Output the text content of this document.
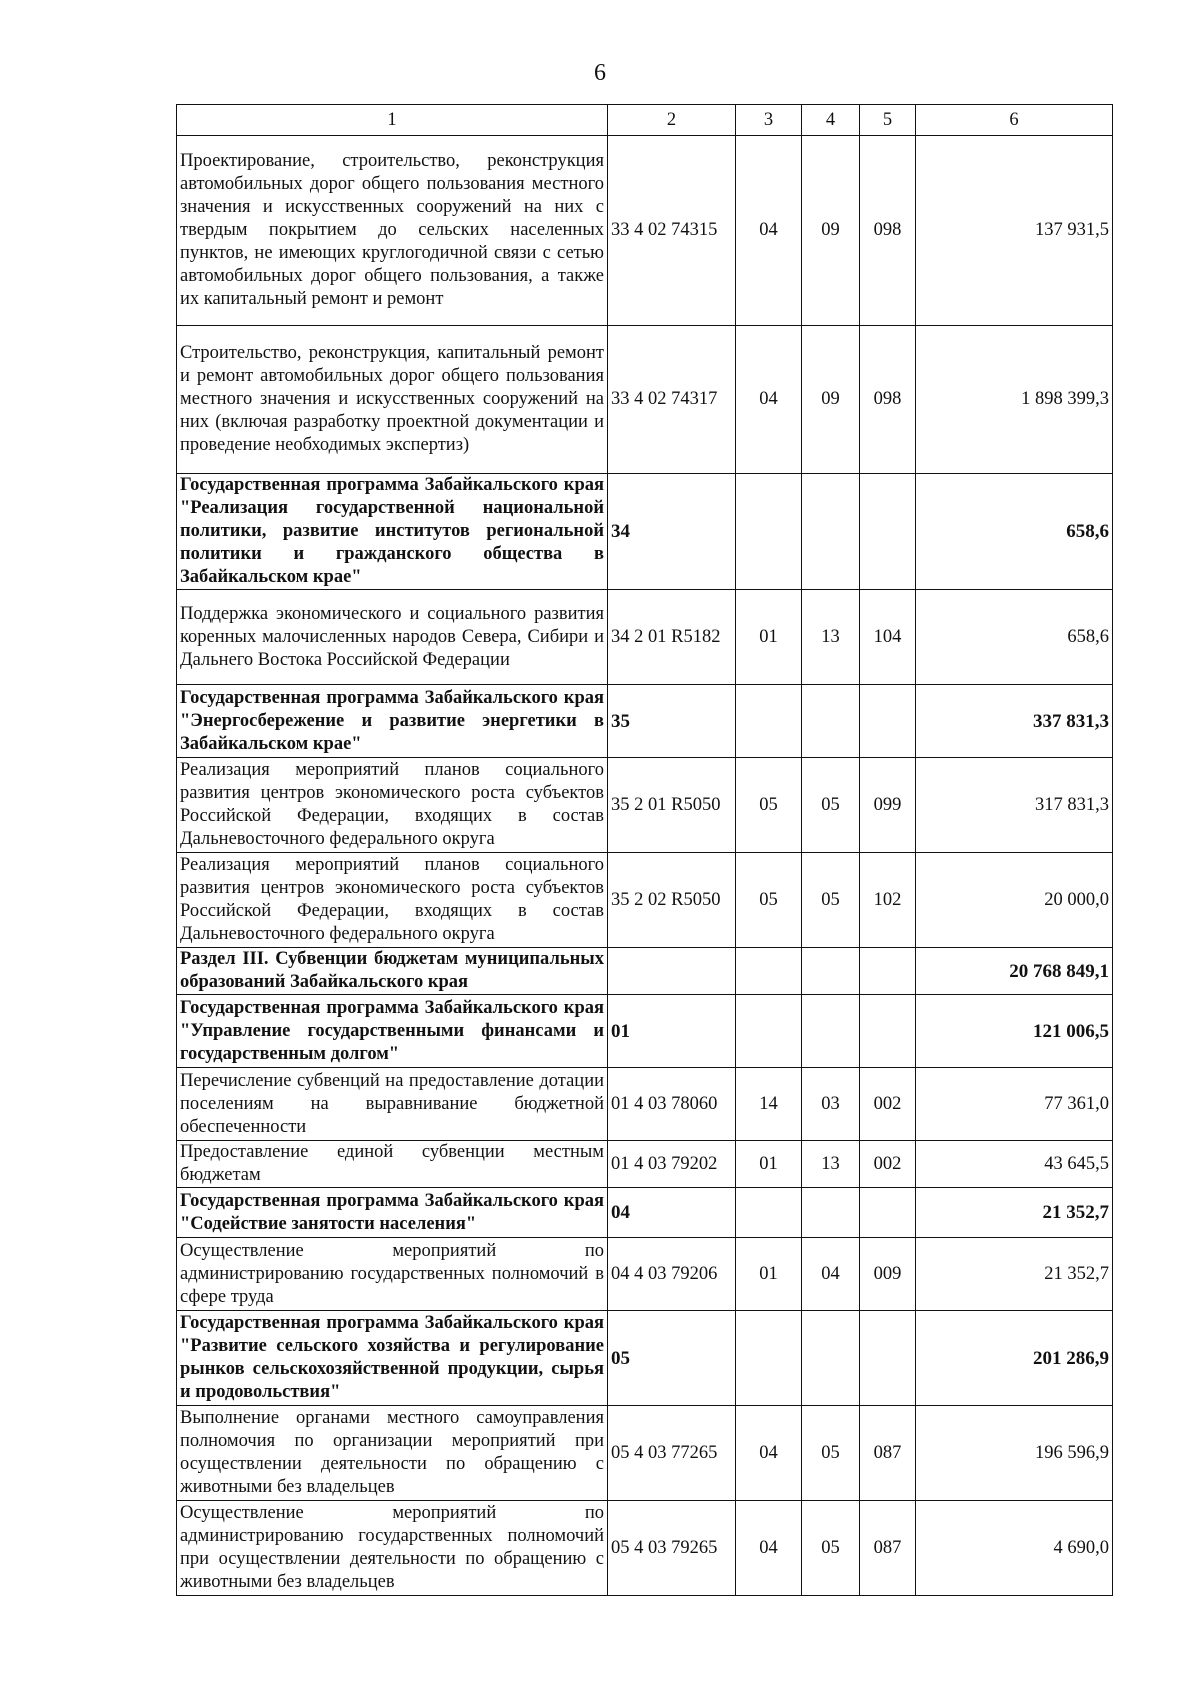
6
1	2	3	4	5	6
Проектирование, строительство, реконструкция автомобильных дорог общего пользования местного значения и искусственных сооружений на них с твердым покрытием до сельских населенных пунктов, не имеющих круглогодичной связи с сетью автомобильных дорог общего пользования, а также их капитальный ремонт и ремонт	33 4 02 74315	04	09	098	137 931,5
Строительство, реконструкция, капитальный ремонт и ремонт автомобильных дорог общего пользования местного значения и искусственных сооружений на них (включая разработку проектной документации и проведение необходимых экспертиз)	33 4 02 74317	04	09	098	1 898 399,3
Государственная программа Забайкальского края "Реализация государственной национальной политики, развитие институтов региональной политики и гражданского общества в Забайкальском крае"	34				658,6
Поддержка экономического и социального развития коренных малочисленных народов Севера, Сибири и Дальнего Востока Российской Федерации	34 2 01 R5182	01	13	104	658,6
Государственная программа Забайкальского края "Энергосбережение и развитие энергетики в Забайкальском крае"	35				337 831,3
Реализация мероприятий планов социального развития центров экономического роста субъектов Российской Федерации, входящих в состав Дальневосточного федерального округа	35 2 01 R5050	05	05	099	317 831,3
Реализация мероприятий планов социального развития центров экономического роста субъектов Российской Федерации, входящих в состав Дальневосточного федерального округа	35 2 02 R5050	05	05	102	20 000,0
Раздел III. Субвенции бюджетам муниципальных образований Забайкальского края					20 768 849,1
Государственная программа Забайкальского края "Управление государственными финансами и государственным долгом"	01				121 006,5
Перечисление субвенций на предоставление дотации поселениям на выравнивание бюджетной обеспеченности	01 4 03 78060	14	03	002	77 361,0
Предоставление единой субвенции местным бюджетам	01 4 03 79202	01	13	002	43 645,5
Государственная программа Забайкальского края "Содействие занятости населения"	04				21 352,7
Осуществление мероприятий по администрированию государственных полномочий в сфере труда	04 4 03 79206	01	04	009	21 352,7
Государственная программа Забайкальского края "Развитие сельского хозяйства и регулирование рынков сельскохозяйственной продукции, сырья и продовольствия"	05				201 286,9
Выполнение органами местного самоуправления полномочия по организации мероприятий при осуществлении деятельности по обращению с животными без владельцев	05 4 03 77265	04	05	087	196 596,9
Осуществление мероприятий по администрированию государственных полномочий при осуществлении деятельности по обращению с животными без владельцев	05 4 03 79265	04	05	087	4 690,0
